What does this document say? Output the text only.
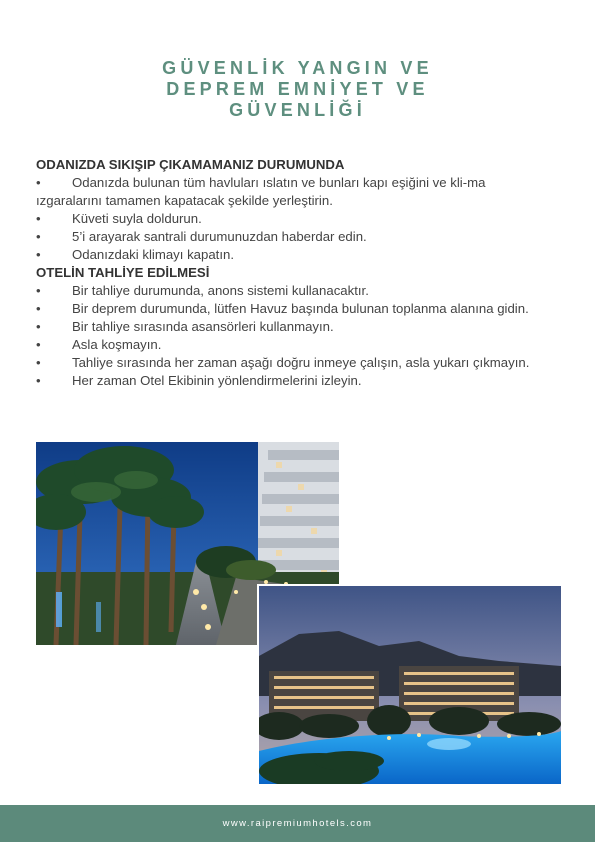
GÜVENLİK YANGIN VE
DEPREM EMNİYET VE
GÜVENLİĞİ
ODANIZDA SIKIŞIP ÇIKAMAMANIZ DURUMUNDA
•	Odanızda bulunan tüm havluları ıslatın ve bunları kapı eşiğini ve kli-ma ızgaralarını tamamen kapatacak şekilde yerleştirin.
•	Küveti suyla doldurun.
•	5’i arayarak santrali durumunuzdan haberdar edin.
•	Odanızdaki klimayı kapatın.
OTELİN TAHLİYE EDİLMESİ
•	Bir tahliye durumunda, anons sistemi kullanacaktır.
•	Bir deprem durumunda, lütfen Havuz başında bulunan toplanma alanına gidin.
•	Bir tahliye sırasında asansörleri kullanmayın.
•	Asla koşmayın.
•	Tahliye sırasında her zaman aşağı doğru inmeye çalışın, asla yukarı çıkmayın.
•	Her zaman Otel Ekibinin yönlendirmelerini izleyin.
www.raipremiumhotels.com
